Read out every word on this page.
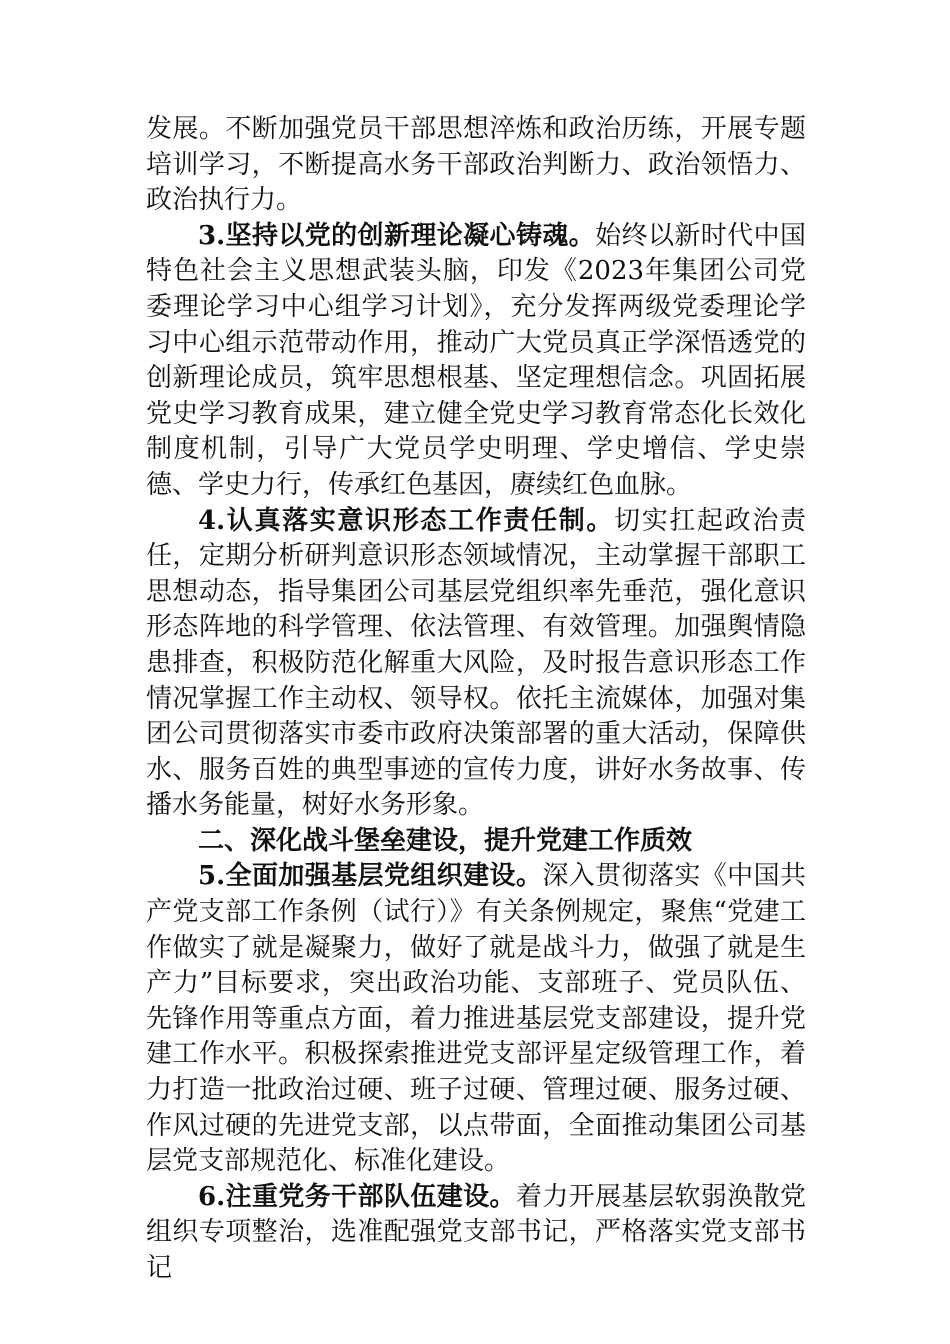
发展。不断加强党员干部思想淬炼和政治历练，开展专题培训学习，不断提高水务干部政治判断力、政治领悟力、政治执行力。

3.坚持以党的创新理论凝心铸魂。始终以新时代中国特色社会主义思想武装头脑，印发《2023年集团公司党委理论学习中心组学习计划》，充分发挥两级党委理论学习中心组示范带动作用，推动广大党员真正学深悟透党的创新理论成员，筑牢思想根基、坚定理想信念。巩固拓展党史学习教育成果，建立健全党史学习教育常态化长效化制度机制，引导广大党员学史明理、学史增信、学史崇德、学史力行，传承红色基因，赓续红色血脉。

4.认真落实意识形态工作责任制。切实扛起政治责任，定期分析研判意识形态领域情况，主动掌握干部职工思想动态，指导集团公司基层党组织率先垂范，强化意识形态阵地的科学管理、依法管理、有效管理。加强舆情隐患排查，积极防范化解重大风险，及时报告意识形态工作情况掌握工作主动权、领导权。依托主流媒体，加强对集团公司贯彻落实市委市政府决策部署的重大活动，保障供水、服务百姓的典型事迹的宣传力度，讲好水务故事、传播水务能量，树好水务形象。

二、深化战斗堡垒建设，提升党建工作质效

5.全面加强基层党组织建设。深入贯彻落实《中国共产党支部工作条例（试行）》有关条例规定，聚焦“党建工作做实了就是凝聚力，做好了就是战斗力，做强了就是生产力”目标要求，突出政治功能、支部班子、党员队伍、先锋作用等重点方面，着力推进基层党支部建设，提升党建工作水平。积极探索推进党支部评星定级管理工作，着力打造一批政治过硬、班子过硬、管理过硬、服务过硬、作风过硬的先进党支部，以点带面，全面推动集团公司基层党支部规范化、标准化建设。

6.注重党务干部队伍建设。着力开展基层软弱涣散党组织专项整治，选准配强党支部书记，严格落实党支部书记
